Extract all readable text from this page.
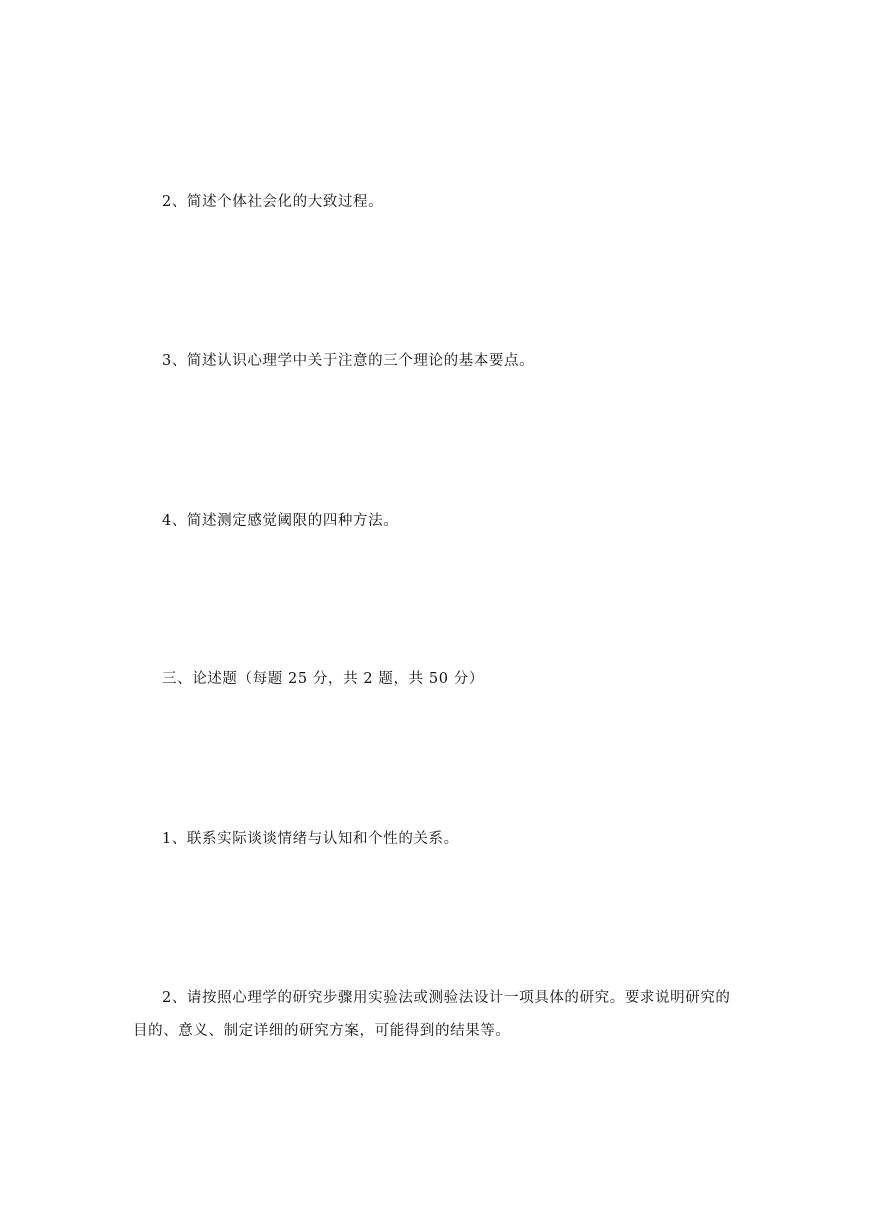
2、简述个体社会化的大致过程。
3、简述认识心理学中关于注意的三个理论的基本要点。
4、简述测定感觉阈限的四种方法。
三、论述题（每题 25 分，共 2 题，共 50 分）
1、联系实际谈谈情绪与认知和个性的关系。
2、请按照心理学的研究步骤用实验法或测验法设计一项具体的研究。要求说明研究的
目的、意义、制定详细的研究方案，可能得到的结果等。
